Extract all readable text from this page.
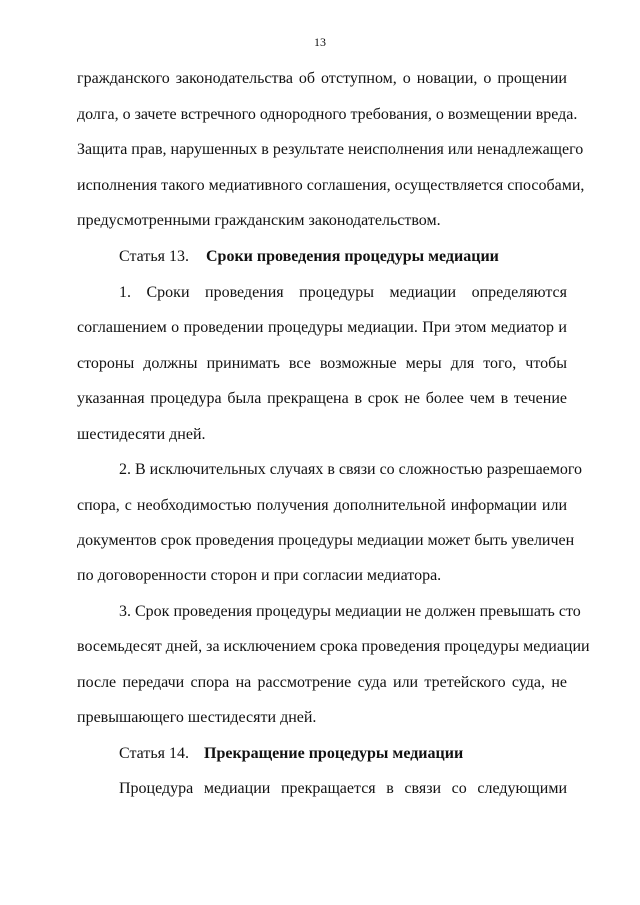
13
гражданского законодательства об отступном, о новации, о прощении
долга, о зачете встречного однородного требования, о возмещении вреда.
Защита прав, нарушенных в результате неисполнения или ненадлежащего
исполнения такого медиативного соглашения, осуществляется способами,
предусмотренными гражданским законодательством.
Статья 13. Сроки проведения процедуры медиации
1. Сроки проведения процедуры медиации определяются
соглашением о проведении процедуры медиации. При этом медиатор и
стороны должны принимать все возможные меры для того, чтобы
указанная процедура была прекращена в срок не более чем в течение
шестидесяти дней.
2. В исключительных случаях в связи со сложностью разрешаемого
спора, с необходимостью получения дополнительной информации или
документов срок проведения процедуры медиации может быть увеличен
по договоренности сторон и при согласии медиатора.
3. Срок проведения процедуры медиации не должен превышать сто
восемьдесят дней, за исключением срока проведения процедуры медиации
после передачи спора на рассмотрение суда или третейского суда, не
превышающего шестидесяти дней.
Статья 14. Прекращение процедуры медиации
Процедура медиации прекращается в связи со следующими
